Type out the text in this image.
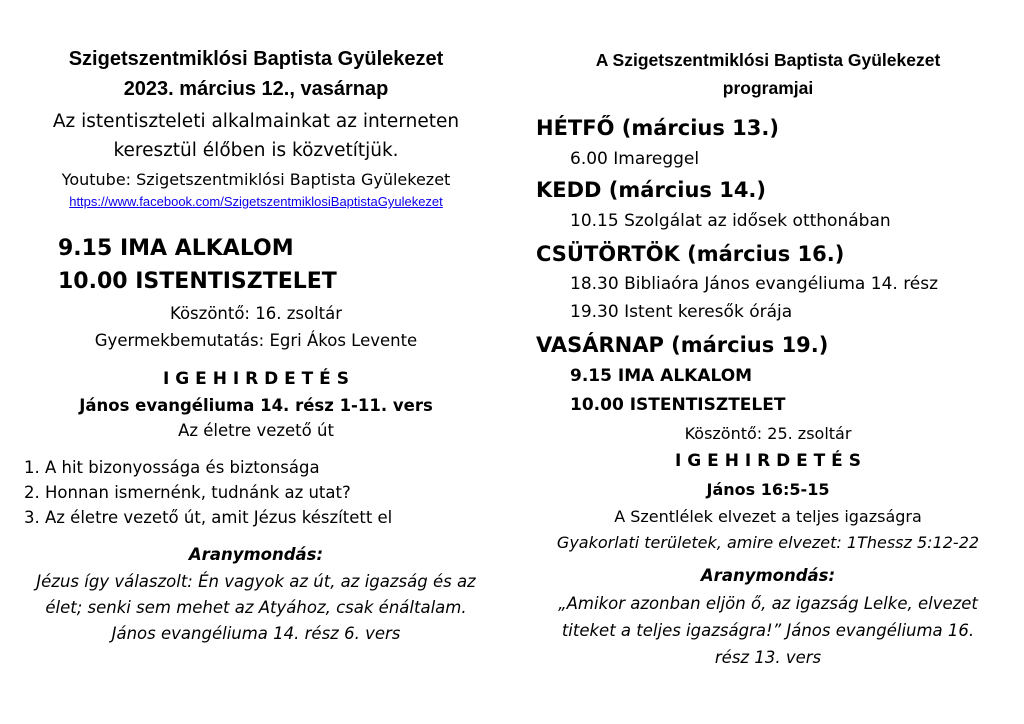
Szigetszentmiklósi Baptista Gyülekezet
2023. március 12., vasárnap
Az istentiszteleti alkalmainkat az interneten
keresztül élőben is közvetítjük.
Youtube: Szigetszentmiklósi Baptista Gyülekezet
https://www.facebook.com/SzigetszentmiklosiBaptistaGyulekezet
9.15 IMA ALKALOM
10.00 ISTENTISZTELET
Köszöntő: 16. zsoltár
Gyermekbemutatás: Egri Ákos Levente
I G E H I R D E T É S
János evangéliuma 14. rész 1-11. vers
Az életre vezető út
1. A hit bizonyossága és biztonsága
2. Honnan ismernénk, tudnánk az utat?
3. Az életre vezető út, amit Jézus készített el
Aranymondás:
Jézus így válaszolt: Én vagyok az út, az igazság és az
élet; senki sem mehet az Atyához, csak énáltalam.
János evangéliuma 14. rész 6. vers
A Szigetszentmiklósi Baptista Gyülekezet
programjai
HÉTFŐ (március 13.)
6.00 Imareggel
KEDD (március 14.)
10.15 Szolgálat az idősek otthonában
CSÜTÖRTÖK (március 16.)
18.30 Bibliaóra János evangéliuma 14. rész
19.30 Istent keresők órája
VASÁRNAP (március 19.)
9.15 IMA ALKALOM
10.00 ISTENTISZTELET
Köszöntő: 25. zsoltár
I G E H I R D E T É S
János 16:5-15
A Szentlélek elvezet a teljes igazságra
Gyakorlati területek, amire elvezet: 1Thessz 5:12-22
Aranymondás:
„Amikor azonban eljön ő, az igazság Lelke, elvezet
titeket a teljes igazságra!” János evangéliuma 16.
rész 13. vers
